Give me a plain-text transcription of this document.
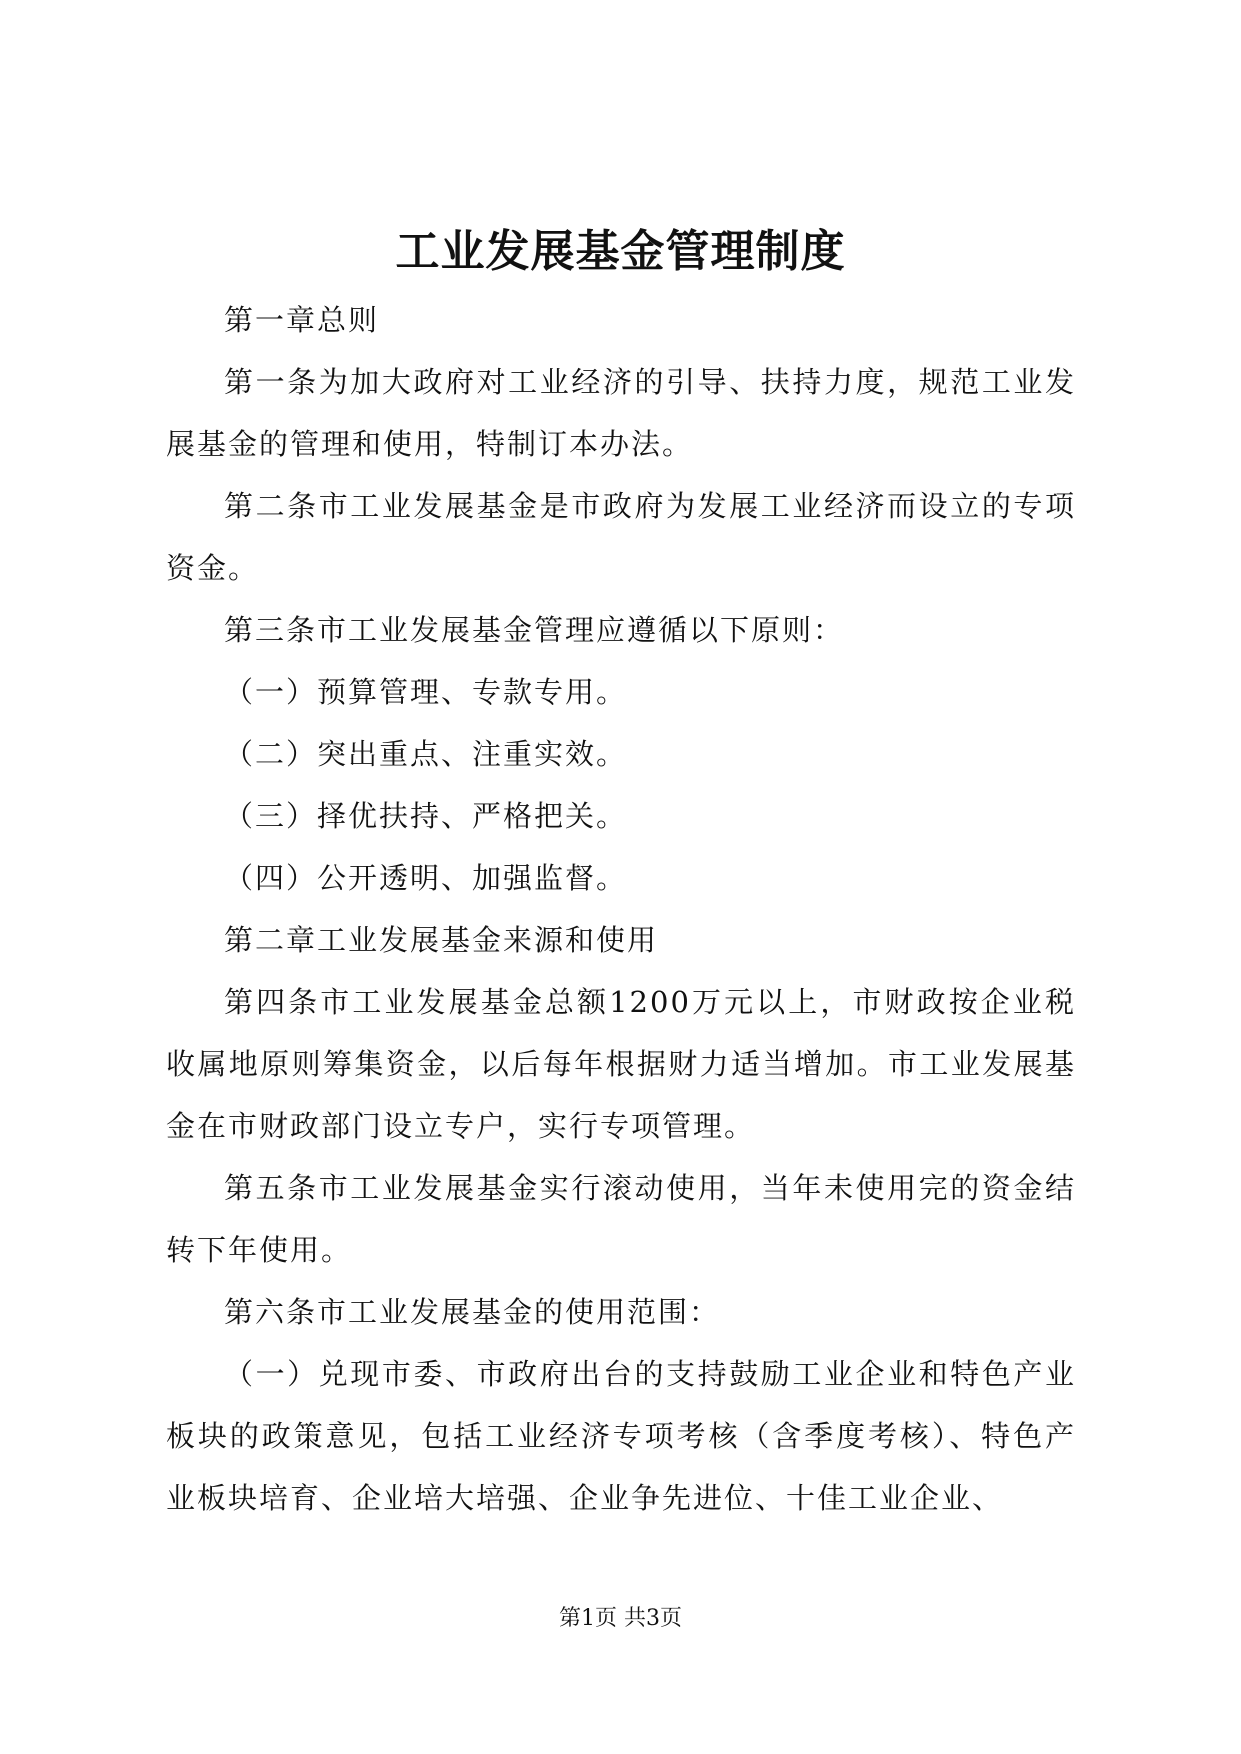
工业发展基金管理制度

第一章总则

第一条为加大政府对工业经济的引导、扶持力度，规范工业发展基金的管理和使用，特制订本办法。

第二条市工业发展基金是市政府为发展工业经济而设立的专项资金。

第三条市工业发展基金管理应遵循以下原则：

（一）预算管理、专款专用。

（二）突出重点、注重实效。

（三）择优扶持、严格把关。

（四）公开透明、加强监督。

第二章工业发展基金来源和使用

第四条市工业发展基金总额1200万元以上，市财政按企业税收属地原则筹集资金，以后每年根据财力适当增加。市工业发展基金在市财政部门设立专户，实行专项管理。

第五条市工业发展基金实行滚动使用，当年未使用完的资金结转下年使用。

第六条市工业发展基金的使用范围：

（一）兑现市委、市政府出台的支持鼓励工业企业和特色产业板块的政策意见，包括工业经济专项考核（含季度考核）、特色产业板块培育、企业培大培强、企业争先进位、十佳工业企业、

第1页 共3页
